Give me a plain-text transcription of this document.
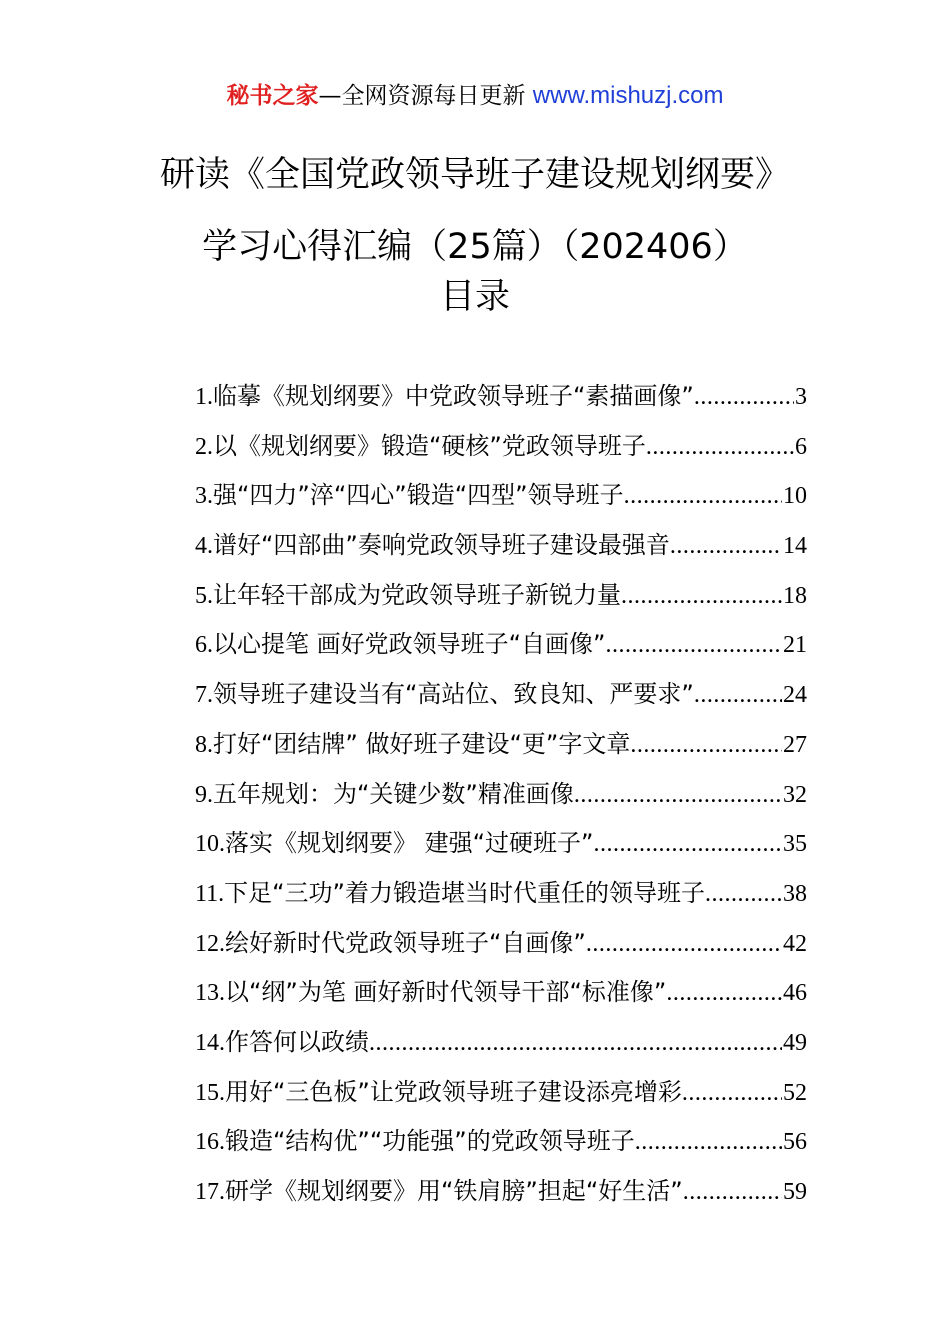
秘书之家—全网资源每日更新 www.mishuzj.com
研读《全国党政领导班子建设规划纲要》
学习心得汇编（25篇）（202406）
目录
1. 临摹《规划纲要》中党政领导班子“素描画像” .....	3
2. 以《规划纲要》锻造“硬核”党政领导班子 .....	6
3. 强“四力”淬“四心”锻造“四型”领导班子 .....	10
4. 谱好“四部曲”奏响党政领导班子建设最强音 .....	14
5. 让年轻干部成为党政领导班子新锐力量 .....	18
6. 以心提笔 画好党政领导班子“自画像” .....	21
7. 领导班子建设当有“高站位、致良知、严要求” .....	24
8. 打好“团结牌” 做好班子建设“更”字文章 .....	27
9. 五年规划：为“关键少数”精准画像 .....	32
10. 落实《规划纲要》 建强“过硬班子” .....	35
11. 下足“三功”着力锻造堪当时代重任的领导班子 .....	38
12. 绘好新时代党政领导班子“自画像” .....	42
13. 以“纲”为笔 画好新时代领导干部“标准像” .....	46
14. 作答何以政绩 .....	49
15. 用好“三色板”让党政领导班子建设添亮增彩 .....	52
16. 锻造“结构优”“功能强”的党政领导班子 .....	56
17. 研学《规划纲要》用“铁肩膀”担起“好生活” .....	59
